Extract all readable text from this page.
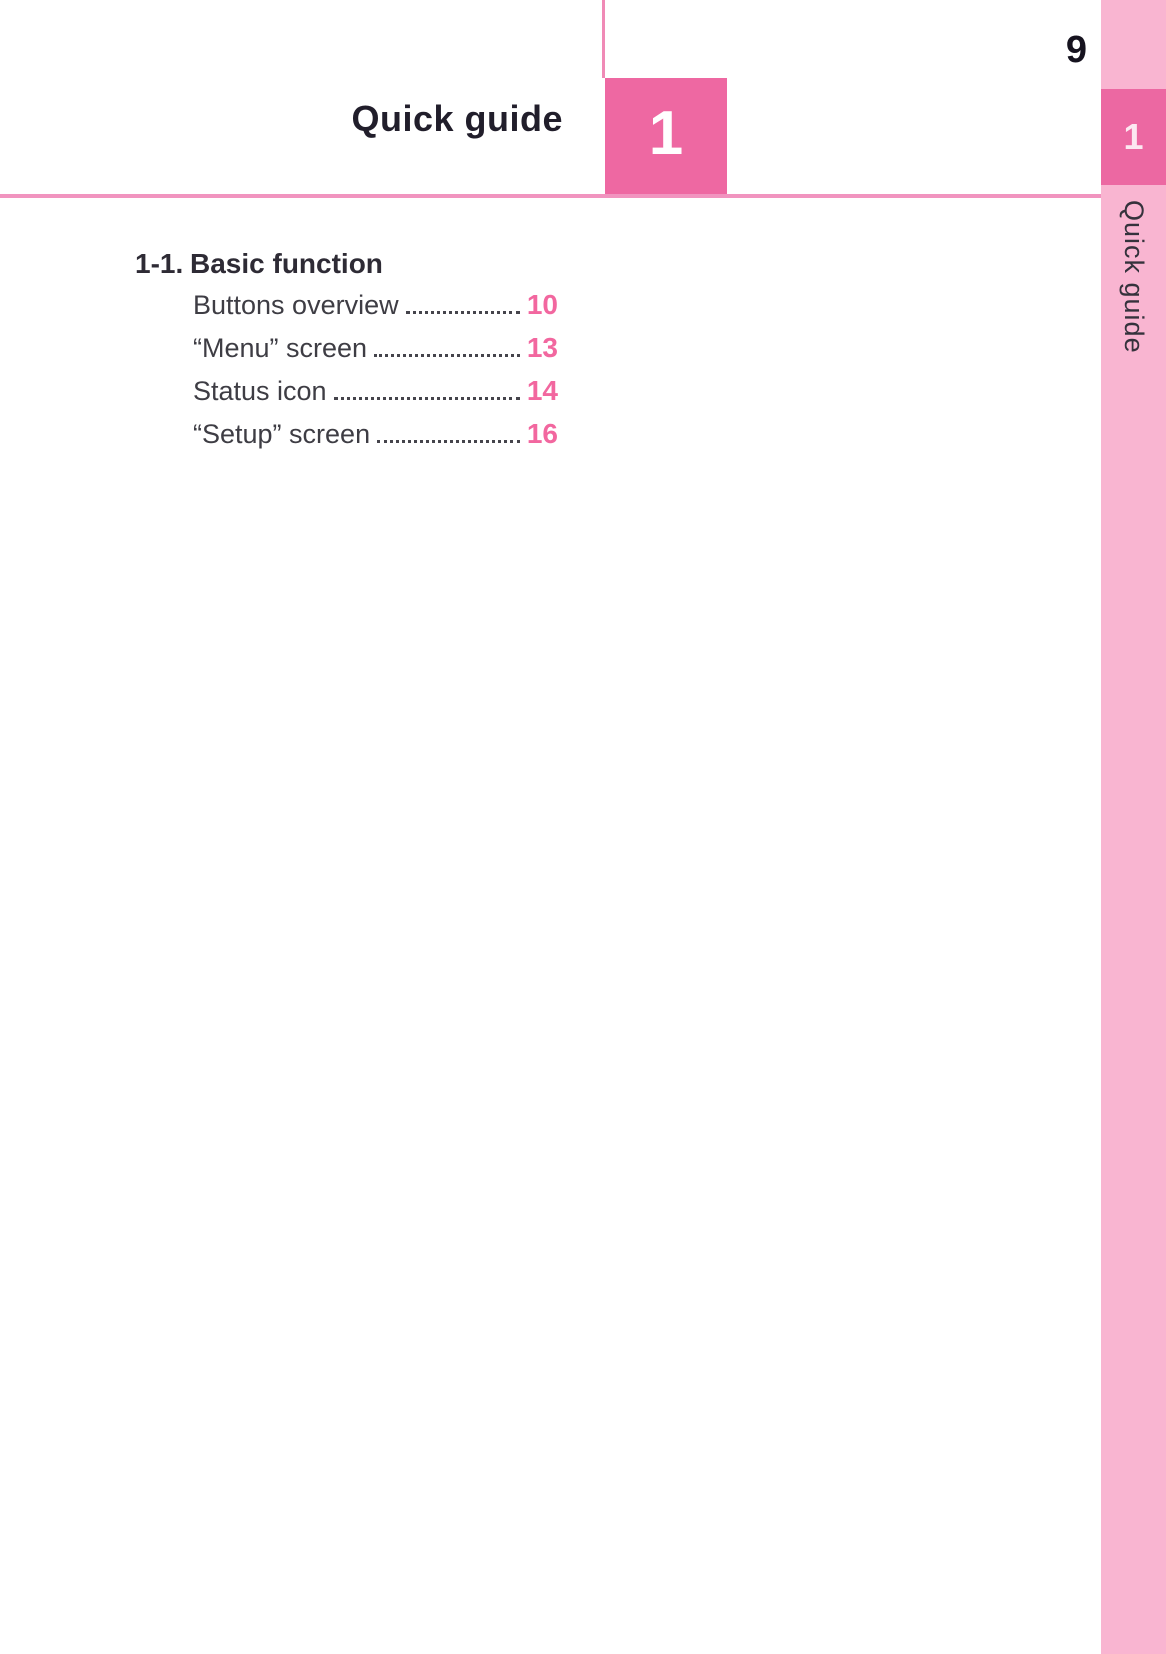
1
Quick guide
1
Quick guide
9
1-1. Basic function
Buttons overview	10
“Menu” screen	13
Status icon	14
“Setup” screen	16
